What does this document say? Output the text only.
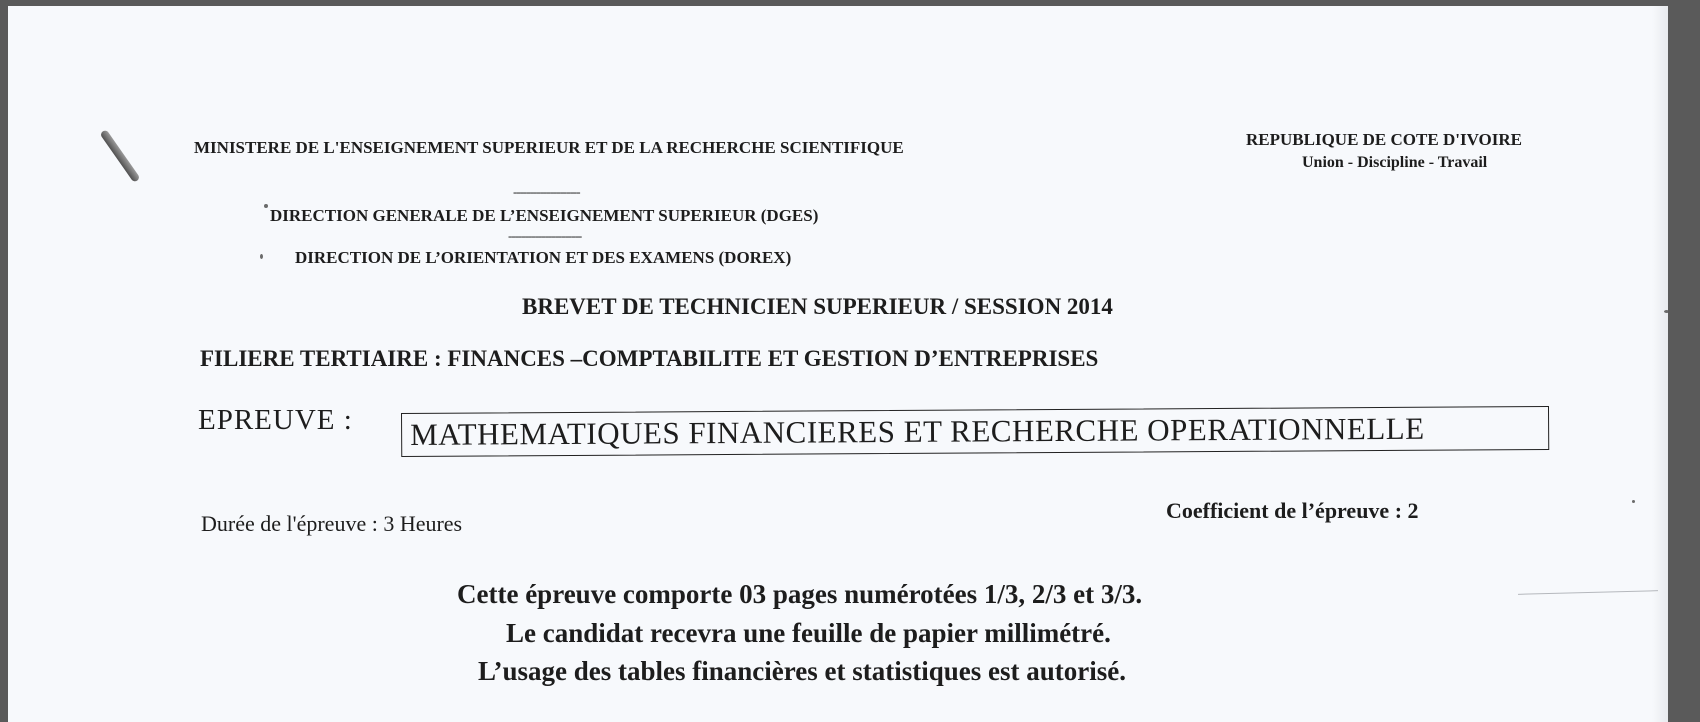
MINISTERE DE L'ENSEIGNEMENT SUPERIEUR ET DE LA RECHERCHE SCIENTIFIQUE	REPUBLIQUE DE COTE D'IVOIRE
Union - Discipline - Travail
--------------------
DIRECTION GENERALE DE L’ENSEIGNEMENT SUPERIEUR (DGES)
----------------------
DIRECTION DE L’ORIENTATION ET DES EXAMENS (DOREX)
BREVET DE TECHNICIEN SUPERIEUR / SESSION 2014
FILIERE TERTIAIRE : FINANCES –COMPTABILITE ET GESTION D’ENTREPRISES
EPREUVE : MATHEMATIQUES FINANCIERES ET RECHERCHE OPERATIONNELLE
Durée de l'épreuve : 3 Heures
Coefficient de l’épreuve : 2
Cette épreuve comporte 03 pages numérotées 1/3, 2/3 et 3/3.
Le candidat recevra une feuille de papier millimétré.
L’usage des tables financières et statistiques est autorisé.
